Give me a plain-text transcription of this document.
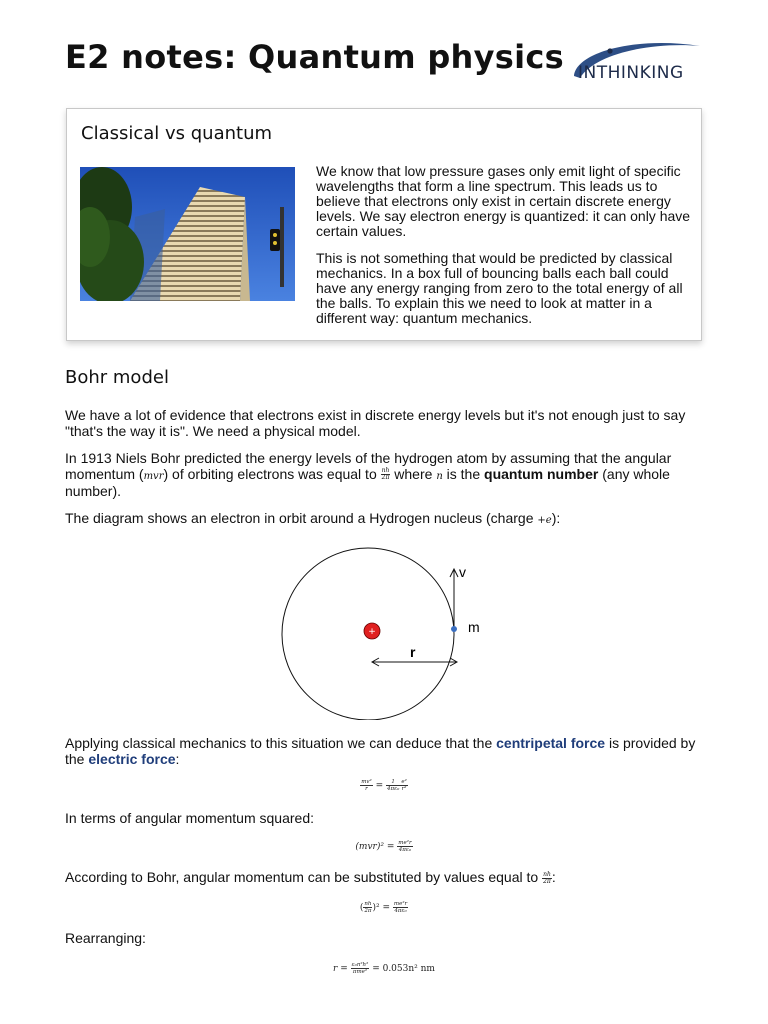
E2 notes: Quantum physics INTHINKING
Classical vs quantum

We know that low pressure gases only emit light of specific wavelengths that form a line spectrum. This leads us to believe that electrons only exist in certain discrete energy levels. We say electron energy is quantized: it can only have certain values.

This is not something that would be predicted by classical mechanics. In a box full of bouncing balls each ball could have any energy ranging from zero to the total energy of all the balls. To explain this we need to look at matter in a different way: quantum mechanics.

Bohr model

We have a lot of evidence that electrons exist in discrete energy levels but it's not enough just to say "that's the way it is". We need a physical model.

In 1913 Niels Bohr predicted the energy levels of the hydrogen atom by assuming that the angular momentum (mvr) of orbiting electrons was equal to $\frac{nh}{2\pi}$ where n is the quantum number (any whole number).

The diagram shows an electron in orbit around a Hydrogen nucleus (charge +e):

+
v
m
r

Applying classical mechanics to this situation we can deduce that the centripetal force is provided by the electric force:

$\frac{\text{mv²}}{r} = \frac{1}{\text{4πε₀}} \frac{\text{e²}}{\text{r²}}$

In terms of angular momentum squared:

$(mvr)^2 = \frac{\text{me²r}}{\text{4πε₀}}$

According to Bohr, angular momentum can be substituted by values equal to $\frac{nh}{2\pi}$ :

( $\frac{nh}{2\pi} )^2 = \frac{\text{me²r}}{\text{4πε₀}}$

Rearranging:

$r = \frac{\text{ε₀n²h²}}{\text{πme²}} = 0.053n^2$ nm
